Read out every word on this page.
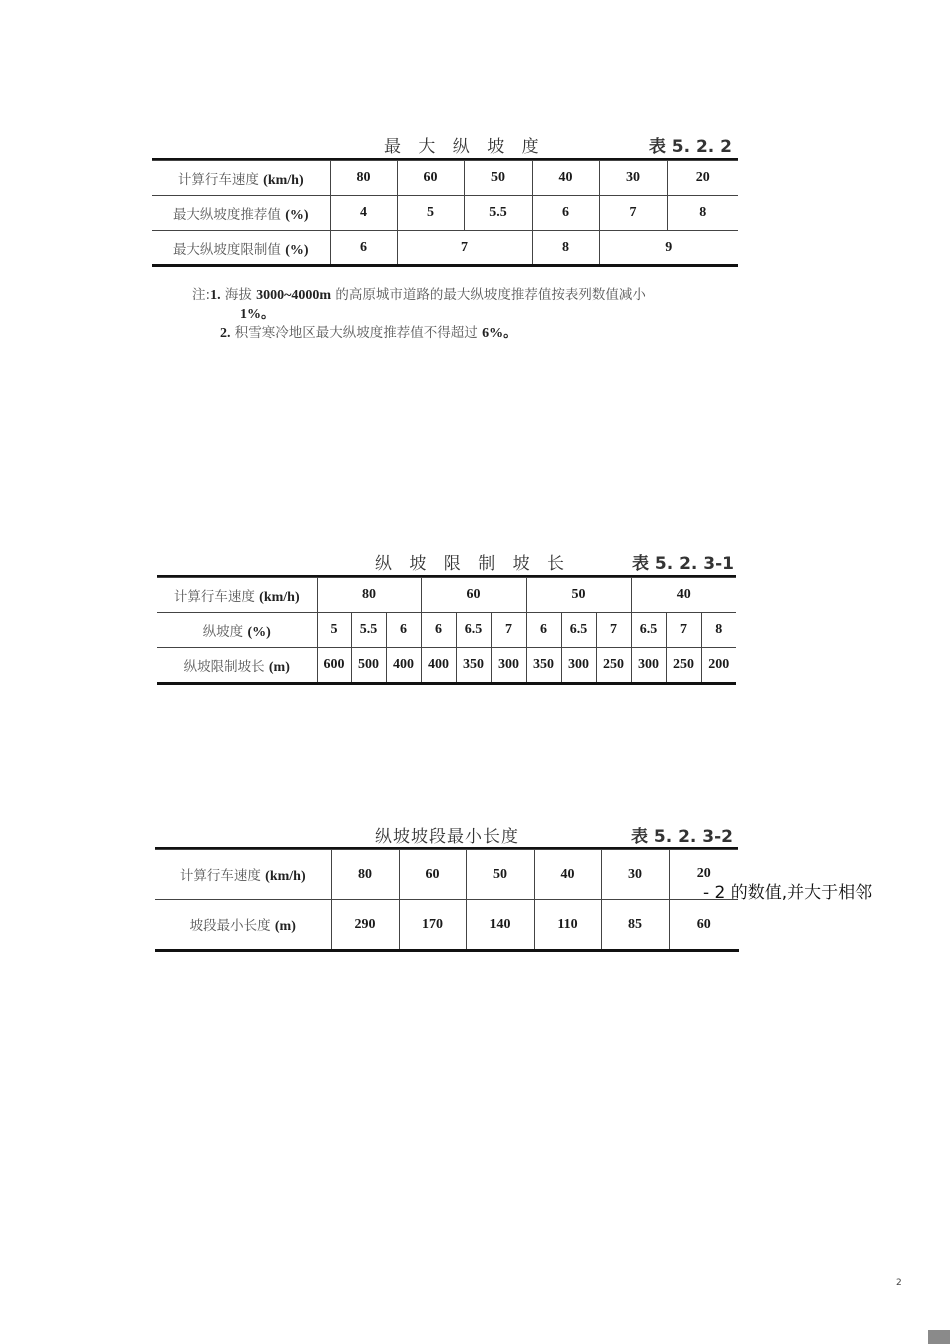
最 大 纵 坡 度	表 5. 2. 2
计算行车速度 (km/h)	80	60	50	40	30	20
最大纵坡度推荐值 (%)	4	5	5.5	6	7	8
最大纵坡度限制值 (%)	6	7		8	9	
注:1. 海拔 3000~4000m 的高原城市道路的最大纵坡度推荐值按表列数值减小
1%。
2. 积雪寒冷地区最大纵坡度推荐值不得超过 6%。
纵 坡 限 制 坡 长	表 5. 2. 3-1
计算行车速度 (km/h)	80			60			50			40		
纵坡度 (%)	5	5.5	6	6	6.5	7	6	6.5	7	6.5	7	8
纵坡限制坡长 (m)	600	500	400	400	350	300	350	300	250	300	250	200
纵坡坡段最小长度	表 5. 2. 3-2
计算行车速度 (km/h)	80	60	50	40	30	20
坡段最小长度 (m)	290	170	140	110	85	60
- 2 的数值,并大于相邻
2
